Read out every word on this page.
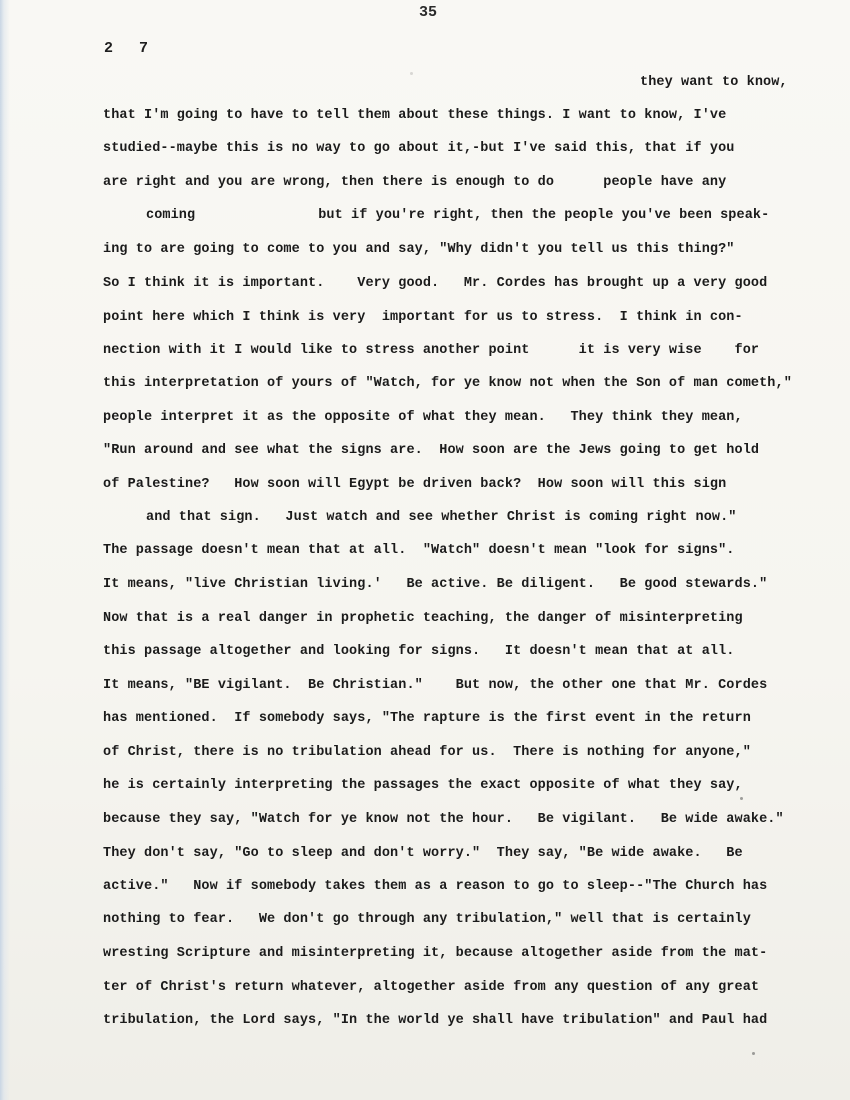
35
2 7
they want to know,
that I'm going to have to tell them about these things. I want to know, I've
studied--maybe this is no way to go about it,-but I've said this, that if you
are right and you are wrong, then there is enough to do      people have any
coming               but if you're right, then the people you've been speak-
ing to are going to come to you and say, "Why didn't you tell us this thing?"
So I think it is important.    Very good.   Mr. Cordes has brought up a very good
point here which I think is very  important for us to stress.  I think in con-
nection with it I would like to stress another point      it is very wise    for
this interpretation of yours of "Watch, for ye know not when the Son of man cometh,"
people interpret it as the opposite of what they mean.   They think they mean,
"Run around and see what the signs are.  How soon are the Jews going to get hold
of Palestine?   How soon will Egypt be driven back?  How soon will this sign
and that sign.   Just watch and see whether Christ is coming right now."
The passage doesn't mean that at all.  "Watch" doesn't mean "look for signs".
It means, "live Christian living.'   Be active. Be diligent.   Be good stewards."
Now that is a real danger in prophetic teaching, the danger of misinterpreting
this passage altogether and looking for signs.   It doesn't mean that at all.
It means, "BE vigilant.  Be Christian."    But now, the other one that Mr. Cordes
has mentioned.  If somebody says, "The rapture is the first event in the return
of Christ, there is no tribulation ahead for us.  There is nothing for anyone,"
he is certainly interpreting the passages the exact opposite of what they say,
because they say, "Watch for ye know not the hour.   Be vigilant.   Be wide awake."
They don't say, "Go to sleep and don't worry."  They say, "Be wide awake.   Be
active."   Now if somebody takes them as a reason to go to sleep--"The Church has
nothing to fear.   We don't go through any tribulation," well that is certainly
wresting Scripture and misinterpreting it, because altogether aside from the mat-
ter of Christ's return whatever, altogether aside from any question of any great
tribulation, the Lord says, "In the world ye shall have tribulation" and Paul had
